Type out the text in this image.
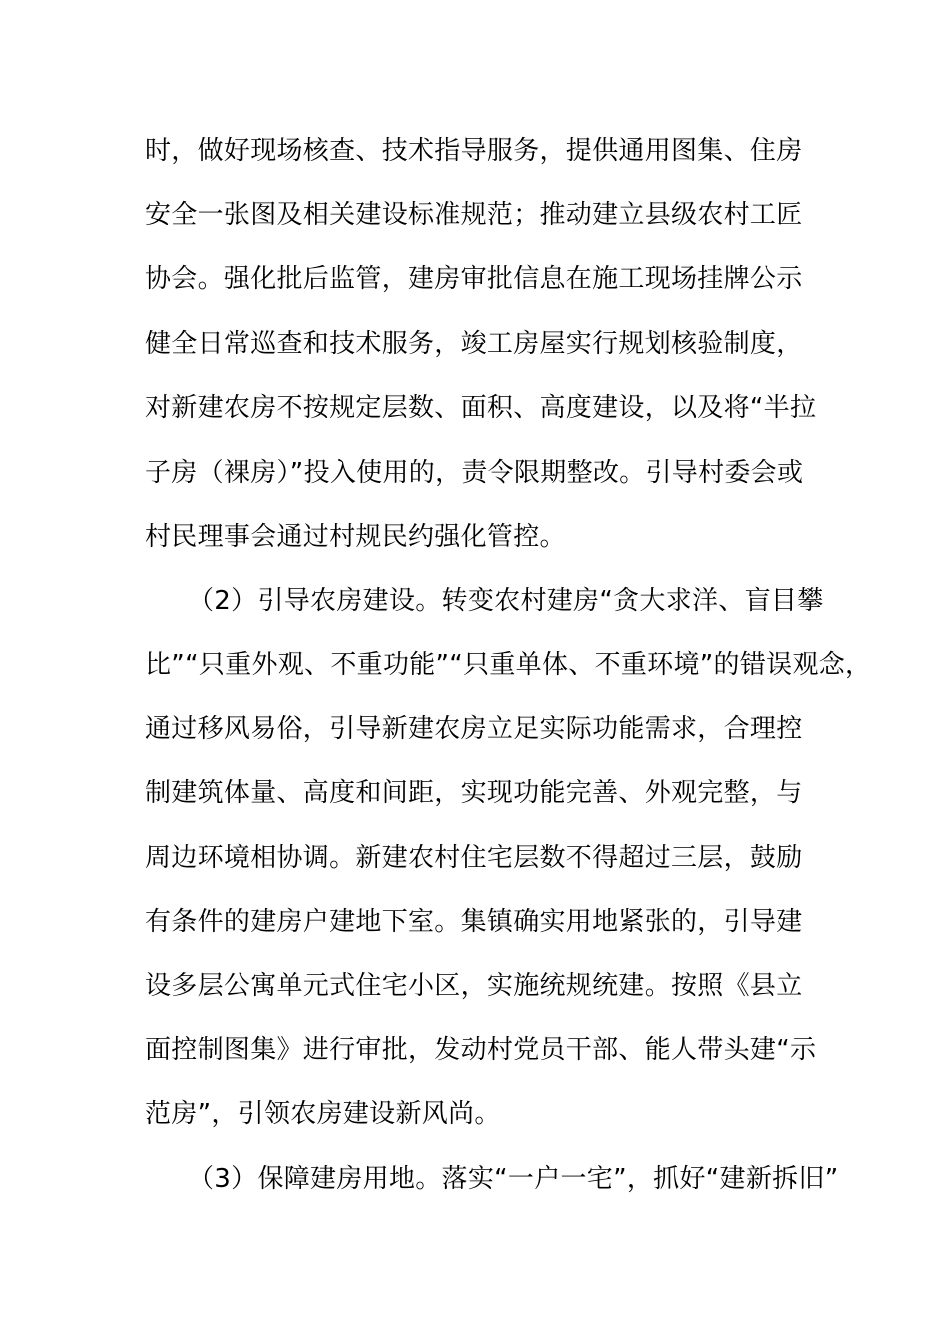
时，做好现场核查、技术指导服务，提供通用图集、住房
安全一张图及相关建设标准规范；推动建立县级农村工匠
协会。强化批后监管，建房审批信息在施工现场挂牌公示
健全日常巡查和技术服务，竣工房屋实行规划核验制度，
对新建农房不按规定层数、面积、高度建设，以及将“半拉
子房（裸房）”投入使用的，责令限期整改。引导村委会或
村民理事会通过村规民约强化管控。
（2）引导农房建设。转变农村建房“贪大求洋、盲目攀
比”“只重外观、不重功能”“只重单体、不重环境”的错误观念，
通过移风易俗，引导新建农房立足实际功能需求，合理控
制建筑体量、高度和间距，实现功能完善、外观完整，与
周边环境相协调。新建农村住宅层数不得超过三层，鼓励
有条件的建房户建地下室。集镇确实用地紧张的，引导建
设多层公寓单元式住宅小区，实施统规统建。按照《县立
面控制图集》进行审批，发动村党员干部、能人带头建“示
范房”，引领农房建设新风尚。
（3）保障建房用地。落实“一户一宅”，抓好“建新拆旧”
